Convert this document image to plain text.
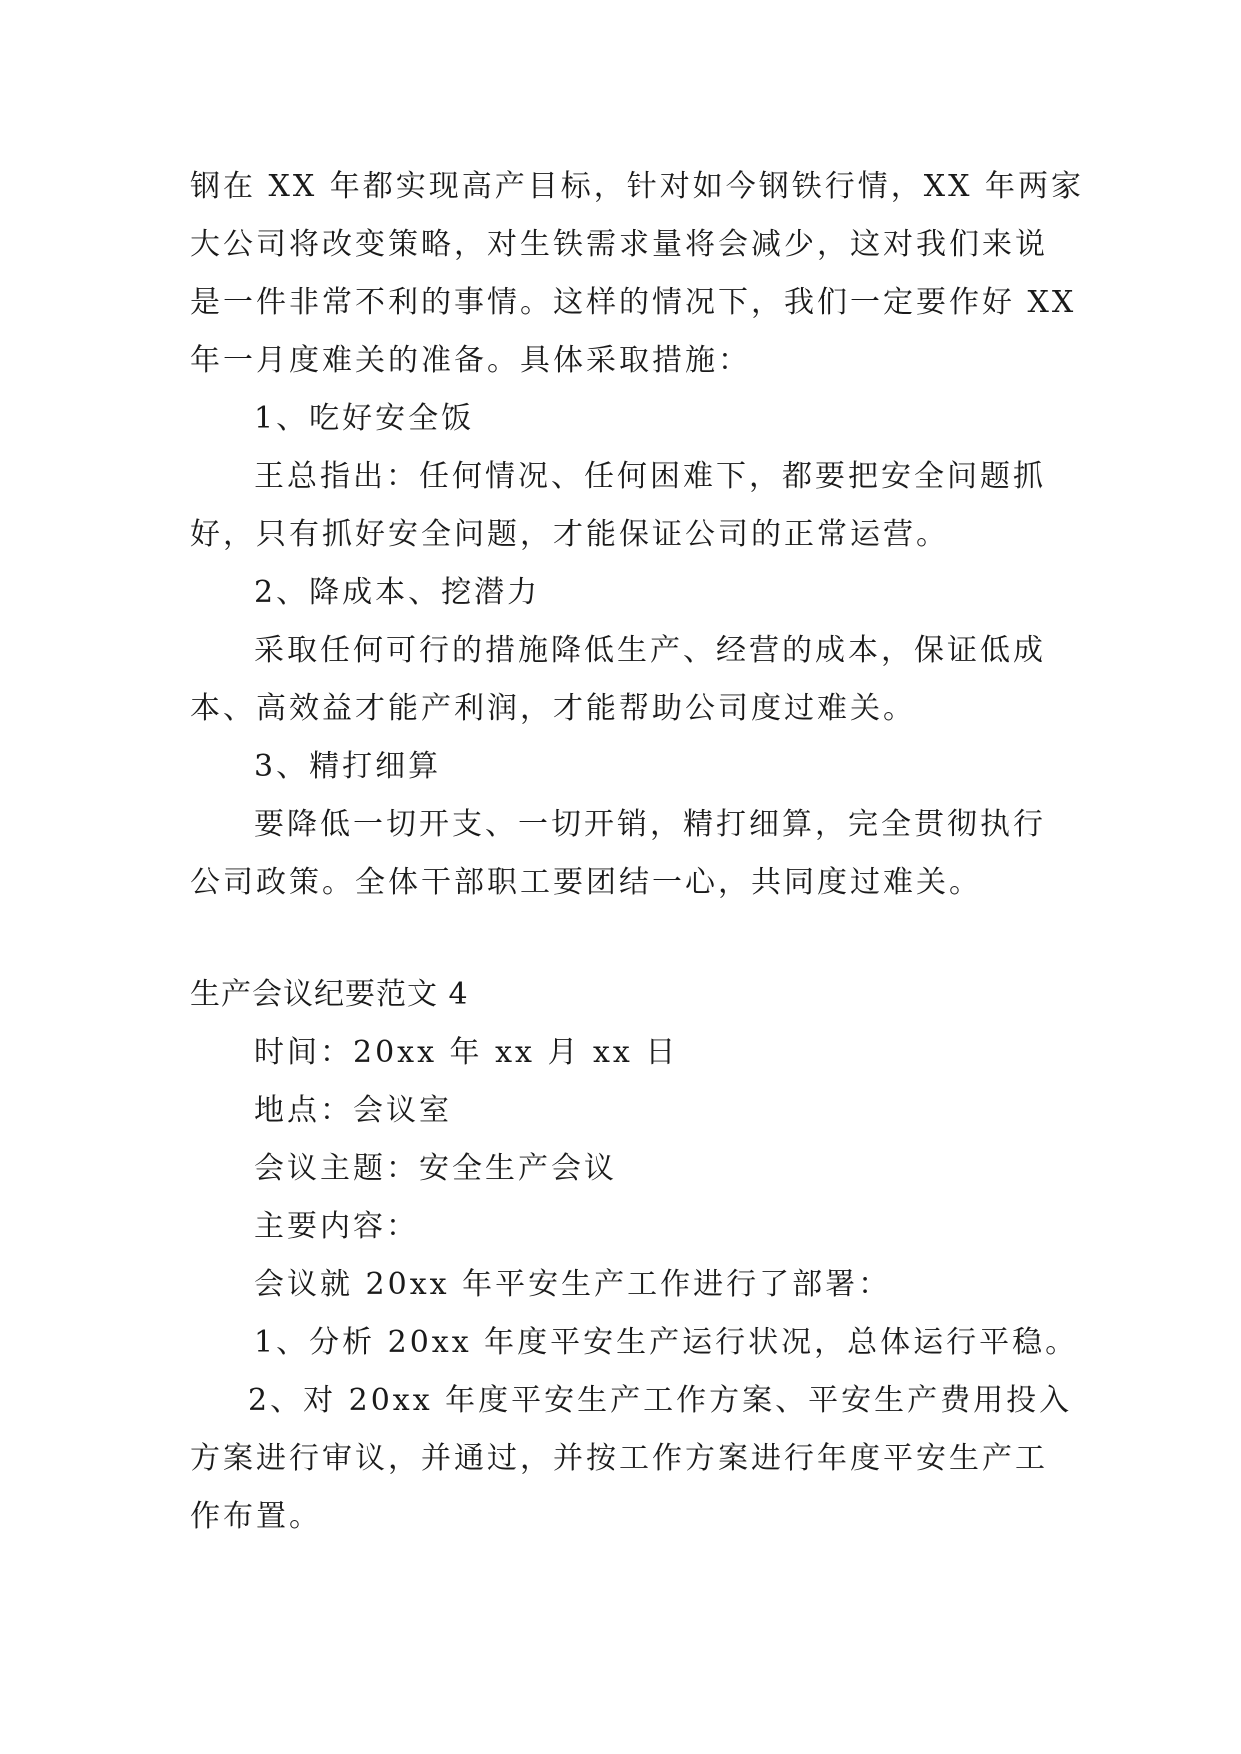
钢在 XX 年都实现高产目标，针对如今钢铁行情，XX 年两家
大公司将改变策略，对生铁需求量将会减少，这对我们来说
是一件非常不利的事情。这样的情况下，我们一定要作好 XX
年一月度难关的准备。具体采取措施：
1、吃好安全饭
王总指出：任何情况、任何困难下，都要把安全问题抓
好，只有抓好安全问题，才能保证公司的正常运营。
2、降成本、挖潜力
采取任何可行的措施降低生产、经营的成本，保证低成
本、高效益才能产利润，才能帮助公司度过难关。
3、精打细算
要降低一切开支、一切开销，精打细算，完全贯彻执行
公司政策。全体干部职工要团结一心，共同度过难关。
生产会议纪要范文 4
时间：20xx 年 xx 月 xx 日
地点：会议室
会议主题：安全生产会议
主要内容：
会议就 20xx 年平安生产工作进行了部署：
1、分析 20xx 年度平安生产运行状况，总体运行平稳。
2、对 20xx 年度平安生产工作方案、平安生产费用投入
方案进行审议，并通过，并按工作方案进行年度平安生产工
作布置。
